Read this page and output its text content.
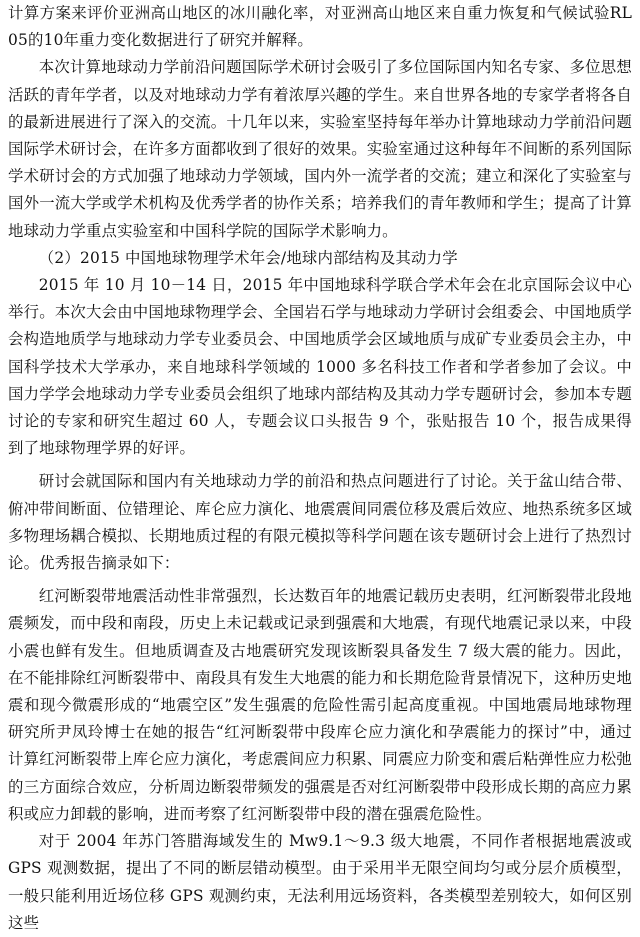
计算方案来评价亚洲高山地区的冰川融化率，对亚洲高山地区来自重力恢复和气候试验RL05的10年重力变化数据进行了研究并解释。

本次计算地球动力学前沿问题国际学术研讨会吸引了多位国际国内知名专家、多位思想活跃的青年学者，以及对地球动力学有着浓厚兴趣的学生。来自世界各地的专家学者将各自的最新进展进行了深入的交流。十几年以来，实验室坚持每年举办计算地球动力学前沿问题国际学术研讨会，在许多方面都收到了很好的效果。实验室通过这种每年不间断的系列国际学术研讨会的方式加强了地球动力学领域，国内外一流学者的交流；建立和深化了实验室与国外一流大学或学术机构及优秀学者的协作关系；培养我们的青年教师和学生；提高了计算地球动力学重点实验室和中国科学院的国际学术影响力。

（2）2015 中国地球物理学术年会/地球内部结构及其动力学

2015 年 10 月 10－14 日，2015 年中国地球科学联合学术年会在北京国际会议中心举行。本次大会由中国地球物理学会、全国岩石学与地球动力学研讨会组委会、中国地质学会构造地质学与地球动力学专业委员会、中国地质学会区域地质与成矿专业委员会主办，中国科学技术大学承办，来自地球科学领域的 1000 多名科技工作者和学者参加了会议。中国力学学会地球动力学专业委员会组织了地球内部结构及其动力学专题研讨会，参加本专题讨论的专家和研究生超过 60 人，专题会议口头报告 9 个，张贴报告 10 个，报告成果得到了地球物理学界的好评。

研讨会就国际和国内有关地球动力学的前沿和热点问题进行了讨论。关于盆山结合带、俯冲带间断面、位错理论、库仑应力演化、地震震间同震位移及震后效应、地热系统多区域多物理场耦合模拟、长期地质过程的有限元模拟等科学问题在该专题研讨会上进行了热烈讨论。优秀报告摘录如下：

红河断裂带地震活动性非常强烈，长达数百年的地震记载历史表明，红河断裂带北段地震频发，而中段和南段，历史上未记载或记录到强震和大地震，有现代地震记录以来，中段小震也鲜有发生。但地质调查及古地震研究发现该断裂具备发生 7 级大震的能力。因此，在不能排除红河断裂带中、南段具有发生大地震的能力和长期危险背景情况下，这种历史地震和现今微震形成的“地震空区”发生强震的危险性需引起高度重视。中国地震局地球物理研究所尹凤玲博士在她的报告“红河断裂带中段库仑应力演化和孕震能力的探讨”中，通过计算红河断裂带上库仑应力演化，考虑震间应力积累、同震应力阶变和震后粘弹性应力松弛的三方面综合效应，分析周边断裂带频发的强震是否对红河断裂带中段形成长期的高应力累积或应力卸载的影响，进而考察了红河断裂带中段的潜在强震危险性。

对于 2004 年苏门答腊海域发生的 Mw9.1～9.3 级大地震，不同作者根据地震波或 GPS 观测数据，提出了不同的断层错动模型。由于采用半无限空间均匀或分层介质模型，一般只能利用近场位移 GPS 观测约束，无法利用远场资料，各类模型差别较大，如何区别这些
